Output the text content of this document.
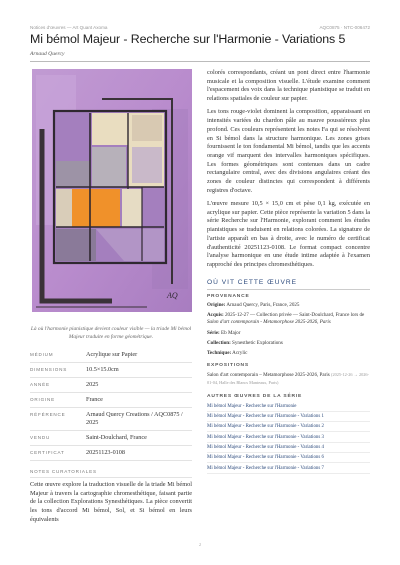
Notices d'œuvres — Art Quant Axoma	AQC0875 · NTC-006472
Mi bémol Majeur - Recherche sur l'Harmonie - Variations 5
Arnaud Quercy
AQ
Là où l'harmonie pianistique devient couleur visible — la triade Mi bémol Majeur traduite en forme géométrique.
MÉDIUM	Acrylique sur Papier
DIMENSIONS	10.5×15.0cm
ANNÉE	2025
ORIGINE	France
RÉFÉRENCE	Arnaud Quercy Creations / AQC0875 / 2025
VENDU	Saint-Doulchard, France
CERTIFICAT	20251123-0108
NOTES CURATORIALES
Cette œuvre explore la traduction visuelle de la triade Mi bémol Majeur à travers la cartographie chromesthétique, faisant partie de la collection Explorations Synesthétiques. La pièce convertit les tons d'accord Mi bémol, Sol, et Si bémol en leurs équivalents

colorés correspondants, créant un pont direct entre l'harmonie musicale et la composition visuelle. L'étude examine comment l'espacement des voix dans la technique pianistique se traduit en relations spatiales de couleur sur papier.

Les tons rouge-violet dominent la composition, apparaissant en intensités variées du chardon pâle au mauve poussiéreux plus profond. Ces couleurs représentent les notes Fa qui se résolvent en Si bémol dans la structure harmonique. Les zones grises fournissent le ton fondamental Mi bémol, tandis que les accents orange vif marquent des intervalles harmoniques spécifiques. Les formes géométriques sont contenues dans un cadre rectangulaire central, avec des divisions angulaires créant des zones de couleur distinctes qui correspondent à différents registres d'octave.

L'œuvre mesure 10,5 × 15,0 cm et pèse 0,1 kg, exécutée en acrylique sur papier. Cette pièce représente la variation 5 dans la série Recherche sur l'Harmonie, explorant comment les études pianistiques se traduisent en relations colorées. La signature de l'artiste apparaît en bas à droite, avec le numéro de certificat d'authenticité 20251123-0108. Le format compact concentre l'analyse harmonique en une étude intime adaptée à l'examen rapproché des principes chromesthétiques.

OÙ VIT CETTE ŒUVRE
PROVENANCE
Origine: Arnaud Quercy, Paris, France, 2025
Acquis: 2025-12-27 — Collection privée — Saint-Doulchard, France lors de Salon d'art contemporain - Metamorphose 2025-2026, Paris
Série: Eb Major
Collection: Synesthetic Explorations
Technique: Acrylic
EXPOSITIONS
Salon d'art contemporain – Metamorphose 2025-2026, Paris (2025-12-26 → 2026-01-04, Halle des Blancs Manteaux, Paris)
AUTRES ŒUVRES DE LA SÉRIE
Mi bémol Majeur - Recherche sur l'Harmonie
Mi bémol Majeur - Recherche sur l'Harmonie - Variations 1
Mi bémol Majeur - Recherche sur l'Harmonie - Variations 2
Mi bémol Majeur - Recherche sur l'Harmonie - Variations 3
Mi bémol Majeur - Recherche sur l'Harmonie - Variations 4
Mi bémol Majeur - Recherche sur l'Harmonie - Variations 6
Mi bémol Majeur - Recherche sur l'Harmonie - Variations 7
2
